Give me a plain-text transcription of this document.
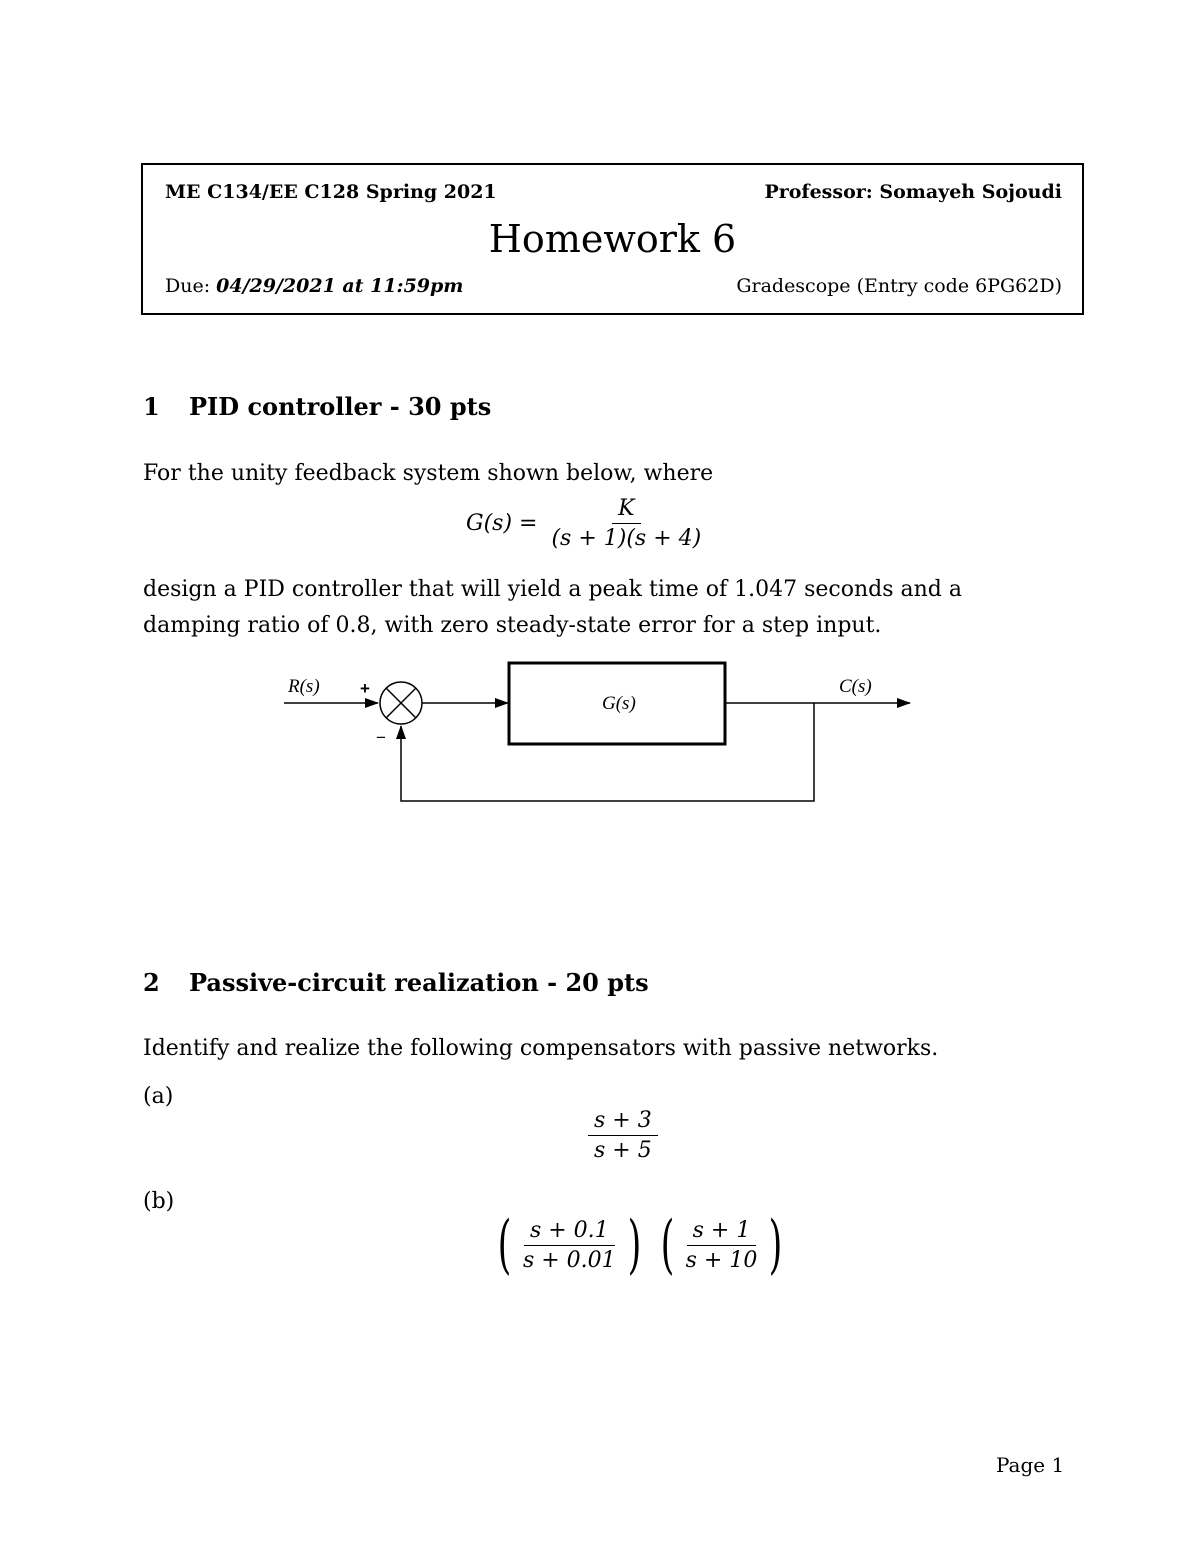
ME C134/EE C128 Spring 2021	Professor: Somayeh Sojoudi
Homework 6
Due: 04/29/2021 at 11:59pm	Gradescope (Entry code 6PG62D)
1 PID controller - 30 pts
For the unity feedback system shown below, where
$G(s) = \frac{K}{(s + 1)(s + 4)}$
design a PID controller that will yield a peak time of 1.047 seconds and a damping ratio of 0.8, with zero steady-state error for a step input.
R(s) +
−
G(s)
C(s)
2 Passive-circuit realization - 20 pts
Identify and realize the following compensators with passive networks.
(a)
$\frac{s + 3}{s + 5}$
(b)
( $\frac{s + 0.1}{s + 0.01}$ ) ( $\frac{s + 1}{s + 10}$ )
Page 1
